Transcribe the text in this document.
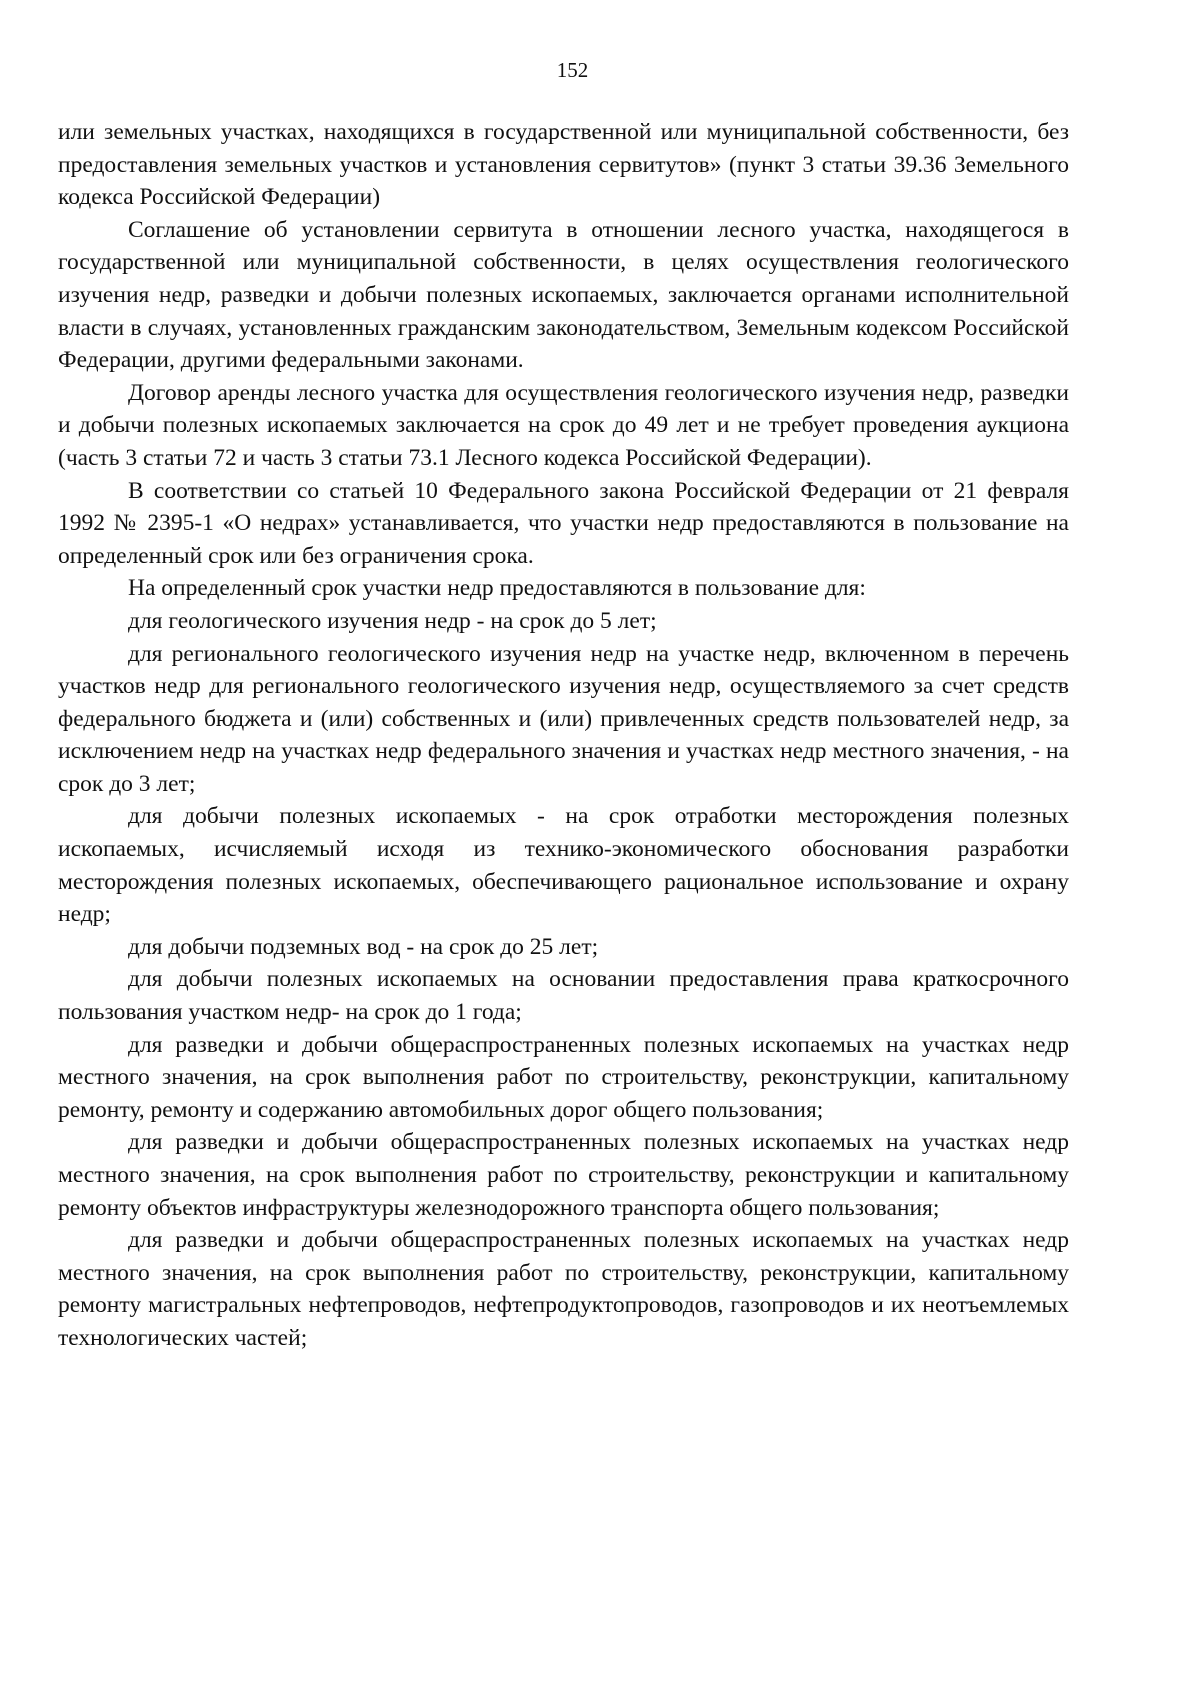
152

или земельных участках, находящихся в государственной или муниципальной собственности, без предоставления земельных участков и установления сервитутов» (пункт 3 статьи 39.36 Земельного кодекса Российской Федерации)

Соглашение об установлении сервитута в отношении лесного участка, находящегося в государственной или муниципальной собственности, в целях осуществления геологического изучения недр, разведки и добычи полезных ископаемых, заключается органами исполнительной власти в случаях, установленных гражданским законодательством, Земельным кодексом Российской Федерации, другими федеральными законами.

Договор аренды лесного участка для осуществления геологического изучения недр, разведки и добычи полезных ископаемых заключается на срок до 49 лет и не требует проведения аукциона (часть 3 статьи 72 и часть 3 статьи 73.1 Лесного кодекса Российской Федерации).

В соответствии со статьей 10 Федерального закона Российской Федерации от 21 февраля 1992 № 2395-1 «О недрах» устанавливается, что участки недр предоставляются в пользование на определенный срок или без ограничения срока.

На определенный срок участки недр предоставляются в пользование для:

для геологического изучения недр - на срок до 5 лет;

для регионального геологического изучения недр на участке недр, включенном в перечень участков недр для регионального геологического изучения недр, осуществляемого за счет средств федерального бюджета и (или) собственных и (или) привлеченных средств пользователей недр, за исключением недр на участках недр федерального значения и участках недр местного значения, - на срок до 3 лет;

для добычи полезных ископаемых - на срок отработки месторождения полезных ископаемых, исчисляемый исходя из технико-экономического обоснования разработки месторождения полезных ископаемых, обеспечивающего рациональное использование и охрану недр;

для добычи подземных вод - на срок до 25 лет;

для добычи полезных ископаемых на основании предоставления права краткосрочного пользования участком недр- на срок до 1 года;

для разведки и добычи общераспространенных полезных ископаемых на участках недр местного значения, на срок выполнения работ по строительству, реконструкции, капитальному ремонту, ремонту и содержанию автомобильных дорог общего пользования;

для разведки и добычи общераспространенных полезных ископаемых на участках недр местного значения, на срок выполнения работ по строительству, реконструкции и капитальному ремонту объектов инфраструктуры железнодорожного транспорта общего пользования;

для разведки и добычи общераспространенных полезных ископаемых на участках недр местного значения, на срок выполнения работ по строительству, реконструкции, капитальному ремонту магистральных нефтепроводов, нефтепродуктопроводов, газопроводов и их неотъемлемых технологических частей;
